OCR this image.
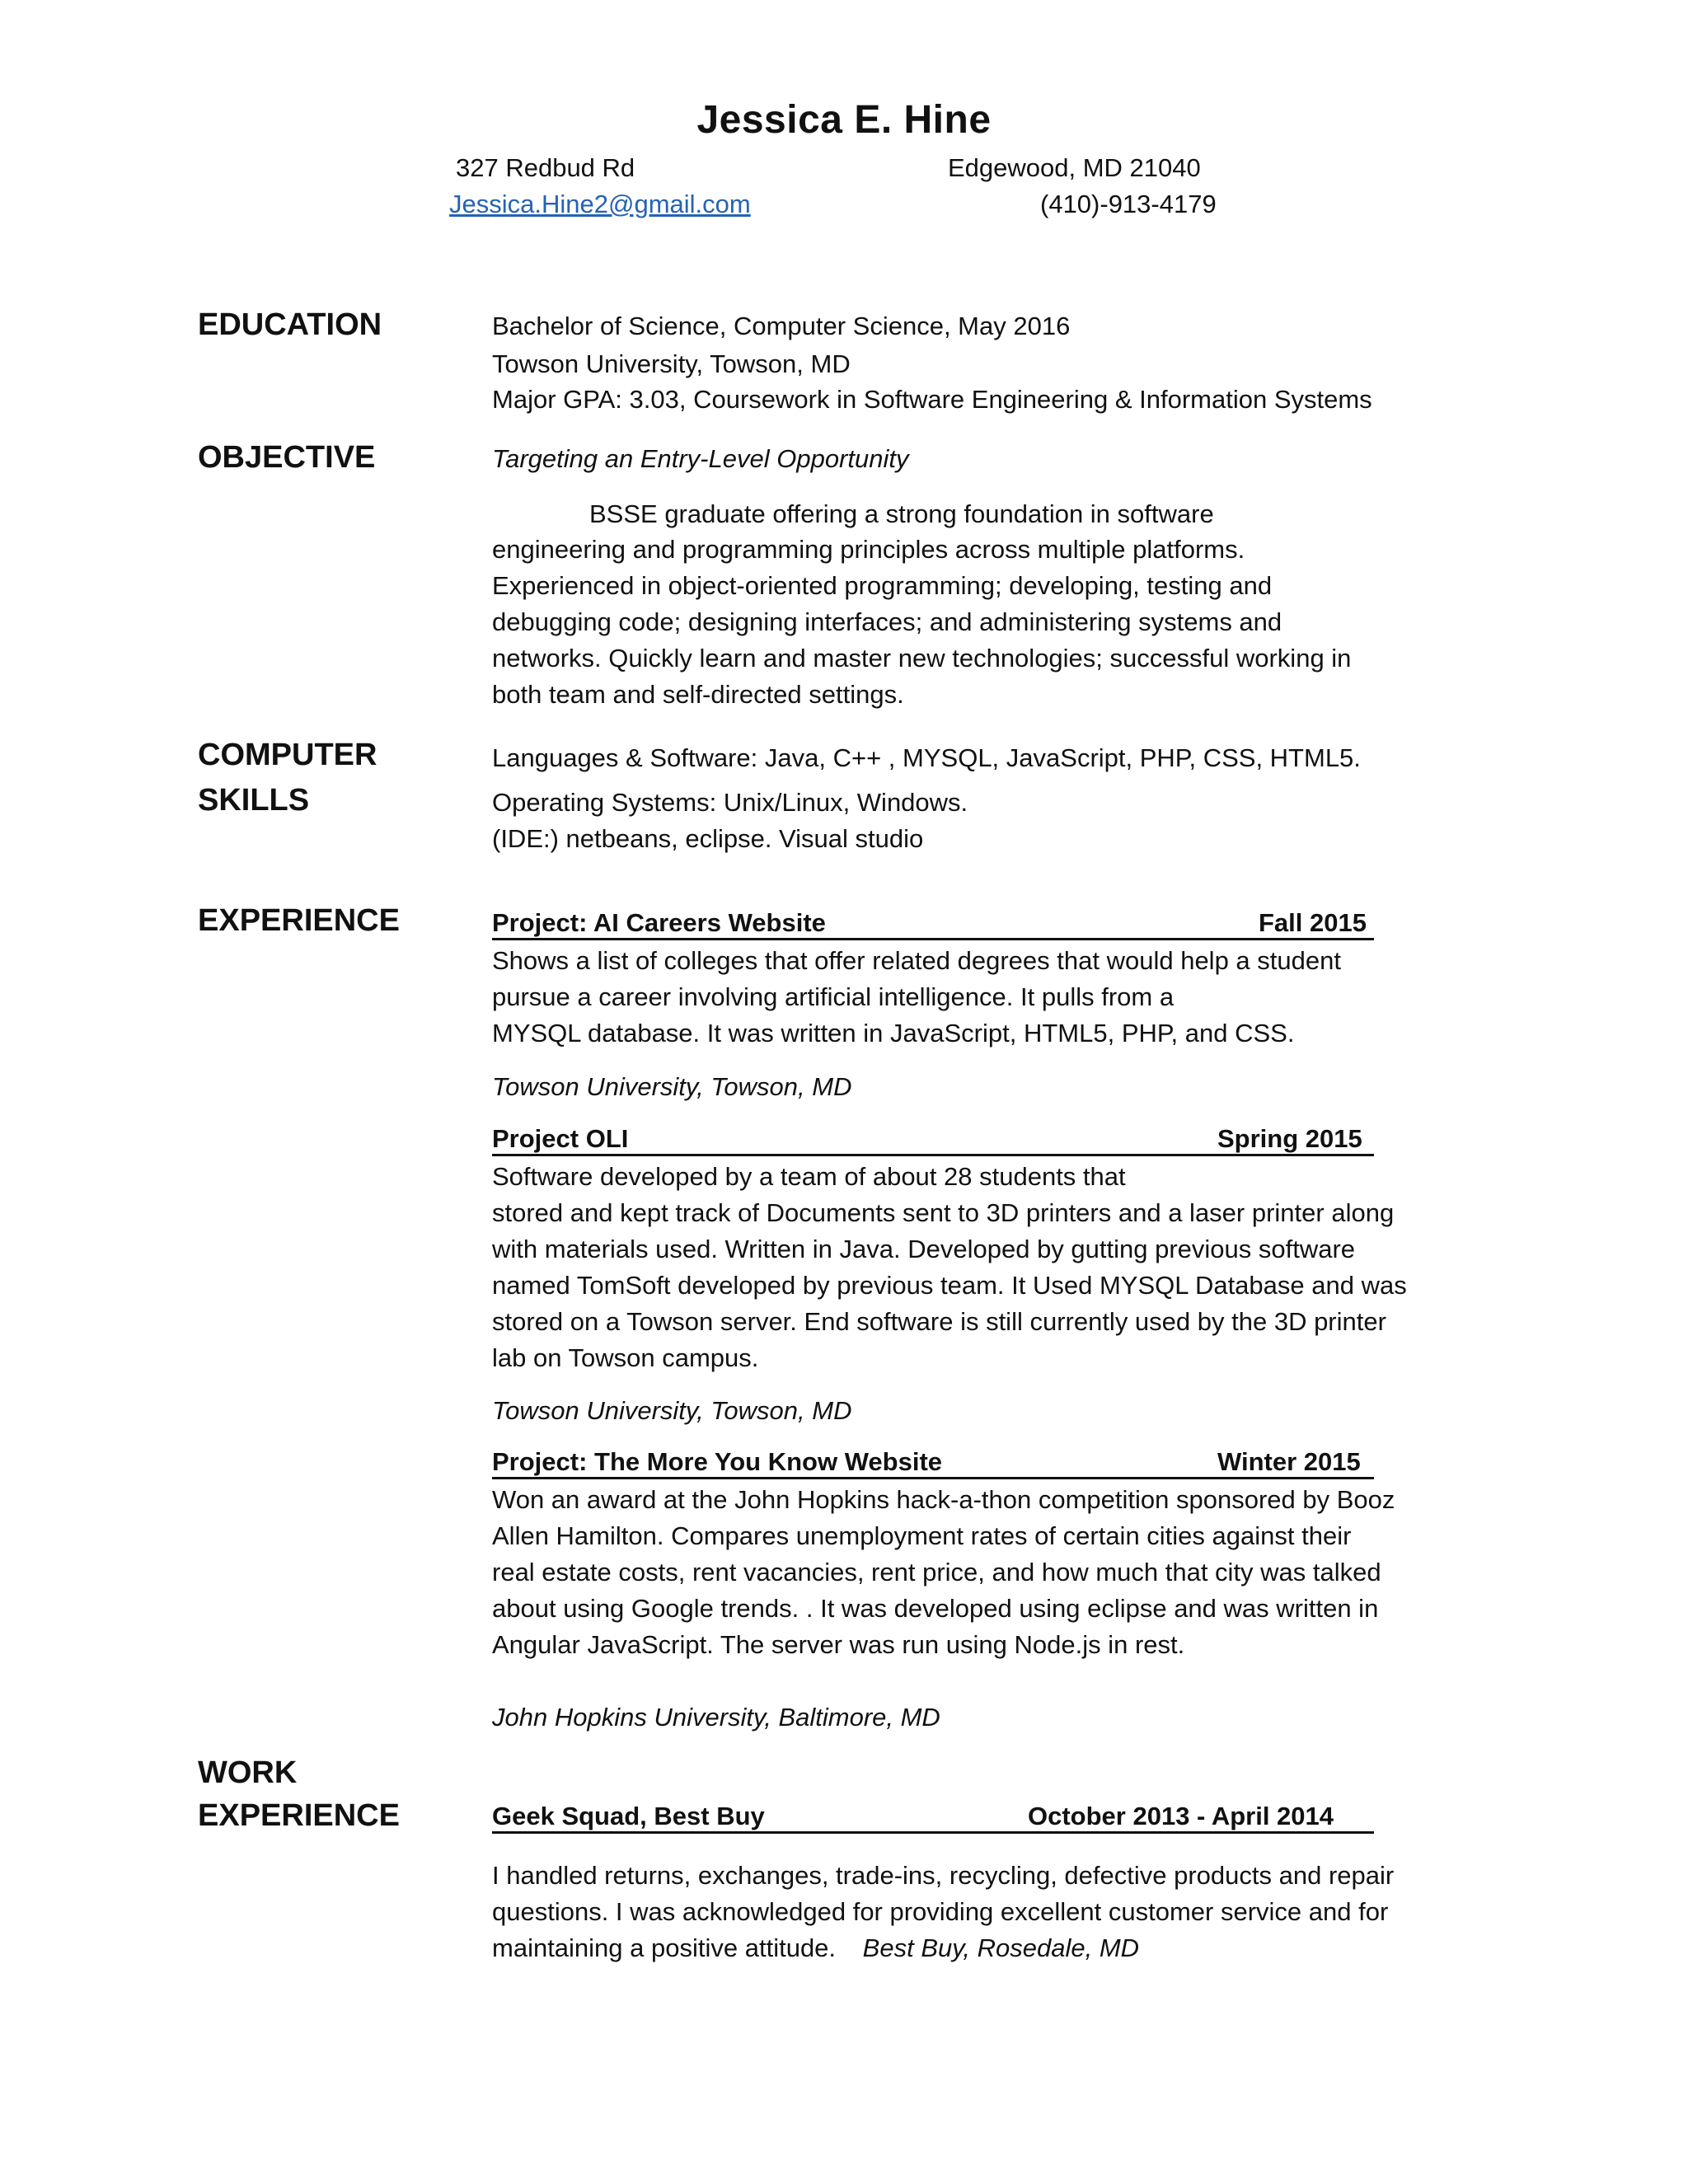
Jessica E. Hine
327 Redbud Rd	Edgewood, MD 21040
Jessica.Hine2@gmail.com	(410)-913-4179
EDUCATION	Bachelor of Science, Computer Science, May 2016
Towson University, Towson, MD
Major GPA: 3.03, Coursework in Software Engineering & Information Systems
OBJECTIVE	Targeting an Entry-Level Opportunity
BSSE graduate offering a strong foundation in software
engineering and programming principles across multiple platforms.
Experienced in object-oriented programming; developing, testing and
debugging code; designing interfaces; and administering systems and
networks. Quickly learn and master new technologies; successful working in
both team and self-directed settings.
COMPUTER
SKILLS
Languages & Software: Java, C++ , MYSQL, JavaScript, PHP, CSS, HTML5.
Operating Systems: Unix/Linux, Windows.
(IDE:) netbeans, eclipse. Visual studio
EXPERIENCE	Project: AI Careers Website	Fall 2015
Shows a list of colleges that offer related degrees that would help a student
pursue a career involving artificial intelligence. It pulls from a
MYSQL database. It was written in JavaScript, HTML5, PHP, and CSS.
Towson University, Towson, MD
Project OLI	Spring 2015
Software developed by a team of about 28 students that
stored and kept track of Documents sent to 3D printers and a laser printer along
with materials used. Written in Java. Developed by gutting previous software
named TomSoft developed by previous team. It Used MYSQL Database and was
stored on a Towson server. End software is still currently used by the 3D printer
lab on Towson campus.
Towson University, Towson, MD
Project: The More You Know Website	Winter 2015
Won an award at the John Hopkins hack-a-thon competition sponsored by Booz
Allen Hamilton. Compares unemployment rates of certain cities against their
real estate costs, rent vacancies, rent price, and how much that city was talked
about using Google trends. . It was developed using eclipse and was written in
Angular JavaScript. The server was run using Node.js in rest.
John Hopkins University, Baltimore, MD
WORK
EXPERIENCE	Geek Squad, Best Buy	October 2013 - April 2014
I handled returns, exchanges, trade-ins, recycling, defective products and repair
questions. I was acknowledged for providing excellent customer service and for
maintaining a positive attitude. Best Buy, Rosedale, MD
